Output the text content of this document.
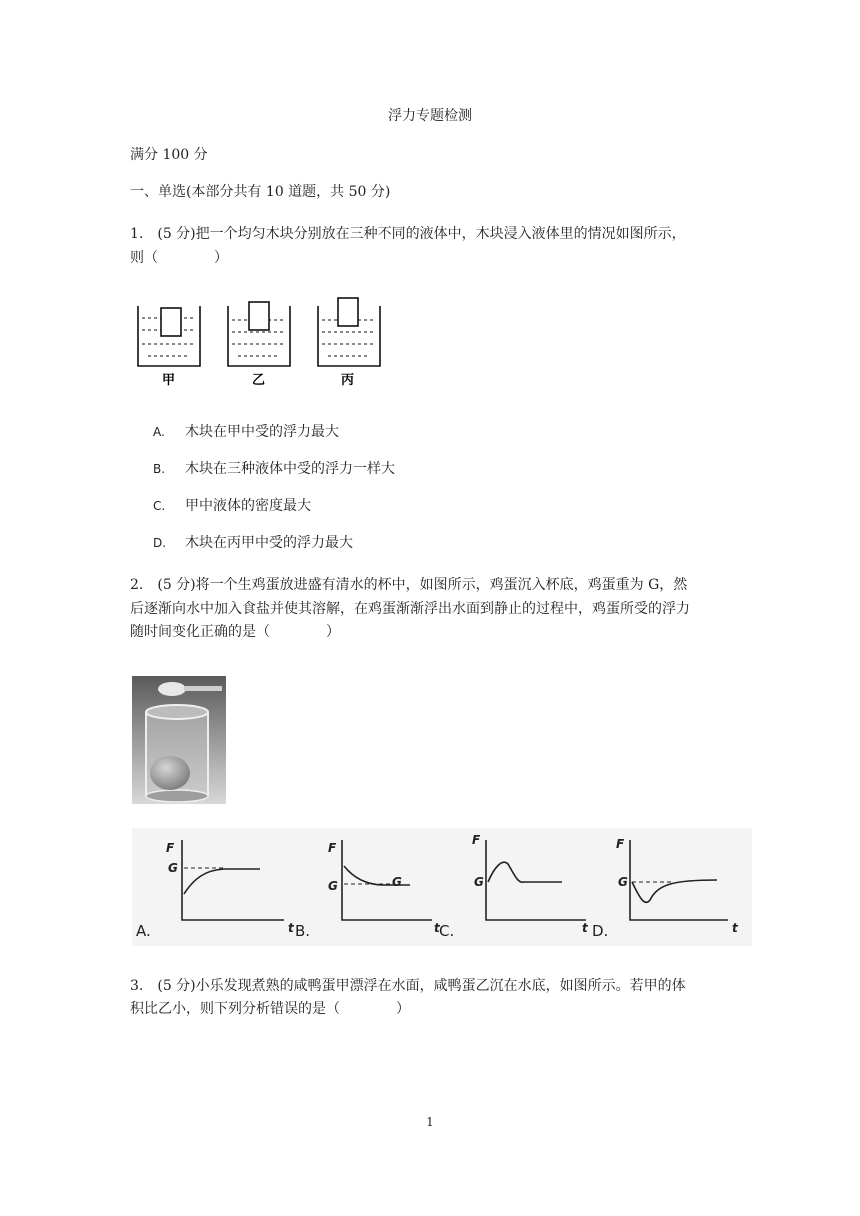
浮力专题检测
满分 100 分
一、单选(本部分共有 10 道题，共 50 分)
1.　(5 分)把一个均匀木块分别放在三种不同的液体中，木块浸入液体里的情况如图所示，
则（　　　　）
甲	乙	丙
A. 木块在甲中受的浮力最大
B. 木块在三种液体中受的浮力一样大
C. 甲中液体的密度最大
D. 木块在丙甲中受的浮力最大
2.　(5 分)将一个生鸡蛋放进盛有清水的杯中，如图所示，鸡蛋沉入杯底，鸡蛋重为 G，然
后逐渐向水中加入食盐并使其溶解，在鸡蛋渐渐浮出水面到静止的过程中，鸡蛋所受的浮力
随时间变化正确的是（　　　　）
F
G
t
A.
F
G	G
t
B.
F
G
t
C.
F
G
t
D.
3.　(5 分)小乐发现煮熟的咸鸭蛋甲漂浮在水面，咸鸭蛋乙沉在水底，如图所示。若甲的体
积比乙小，则下列分析错误的是（　　　　）
1
